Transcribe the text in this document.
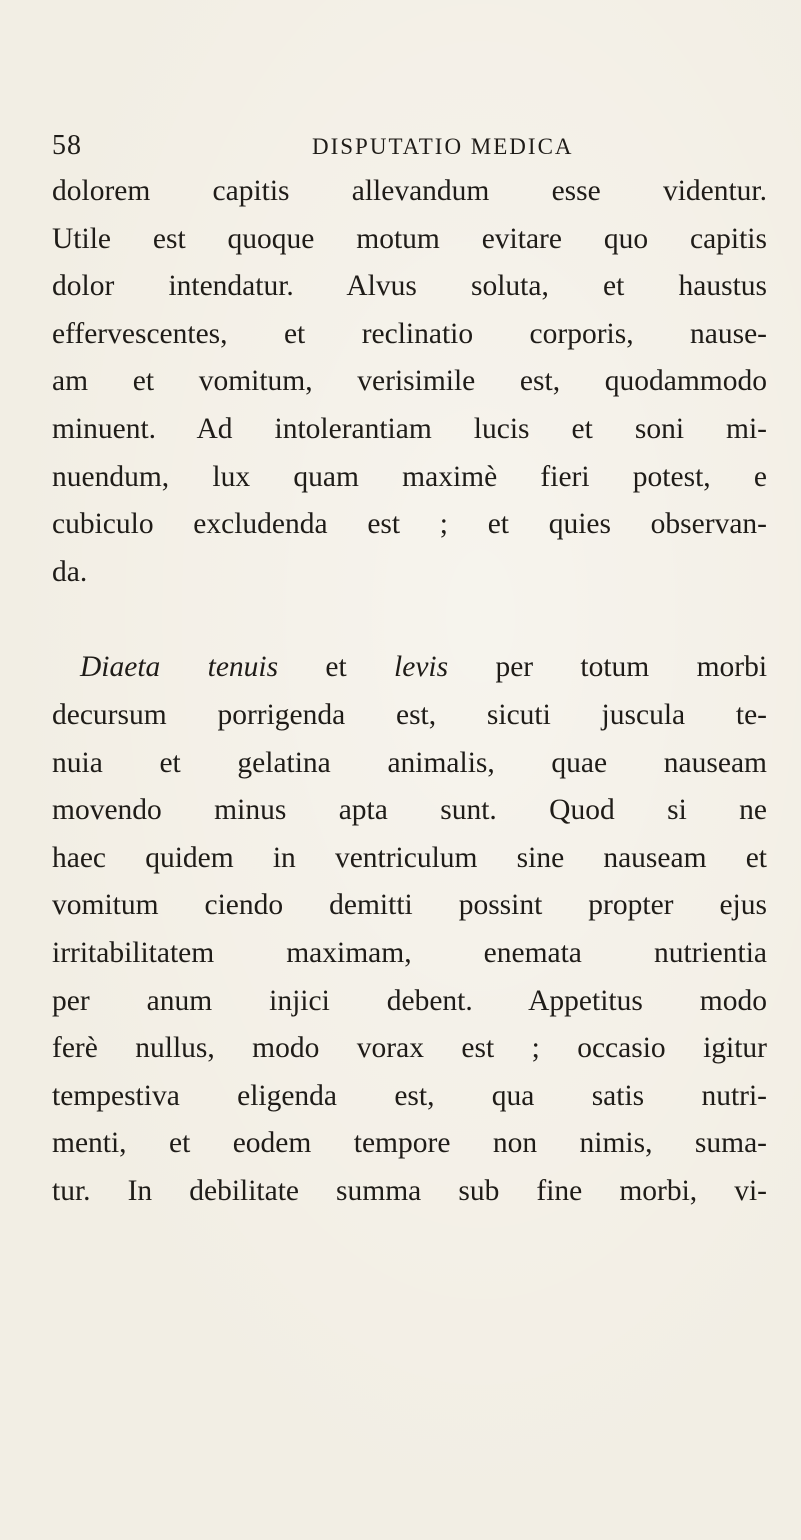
58	DISPUTATIO MEDICA
dolorem capitis allevandum esse videntur.
Utile est quoque motum evitare quo capitis
dolor intendatur. Alvus soluta, et haustus
effervescentes, et reclinatio corporis, nause-
am et vomitum, verisimile est, quodammodo
minuent. Ad intolerantiam lucis et soni mi-
nuendum, lux quam maximè fieri potest, e
cubiculo excludenda est ; et quies observan-
da.
Diaeta tenuis et levis per totum morbi
decursum porrigenda est, sicuti juscula te-
nuia et gelatina animalis, quae nauseam
movendo minus apta sunt. Quod si ne
haec quidem in ventriculum sine nauseam et
vomitum ciendo demitti possint propter ejus
irritabilitatem maximam, enemata nutrientia
per anum injici debent. Appetitus modo
ferè nullus, modo vorax est ; occasio igitur
tempestiva eligenda est, qua satis nutri-
menti, et eodem tempore non nimis, suma-
tur. In debilitate summa sub fine morbi, vi-
